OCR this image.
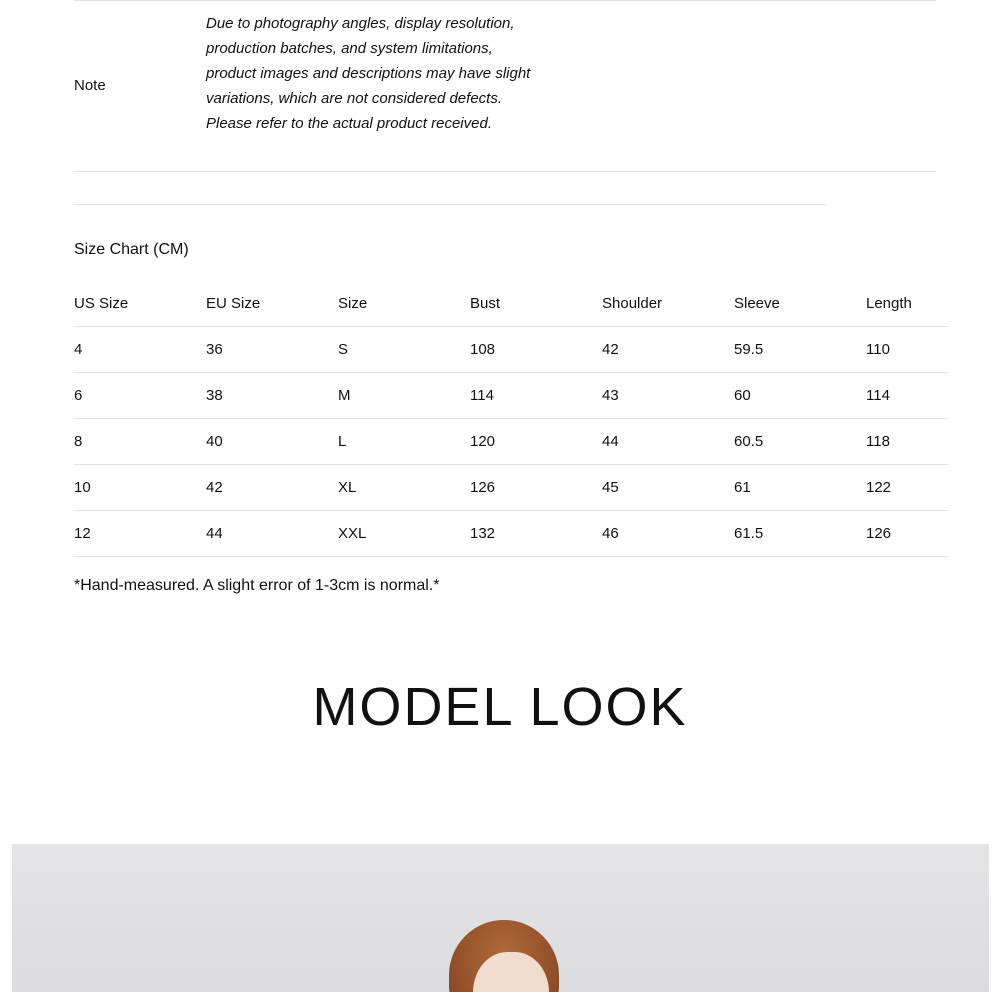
Note
Due to photography angles, display resolution, production batches, and system limitations, product images and descriptions may have slight variations, which are not considered defects. Please refer to the actual product received.
Size Chart (CM)
US Size	EU Size	Size	Bust	Shoulder	Sleeve	Length
4	36	S	108	42	59.5	110
6	38	M	114	43	60	114
8	40	L	120	44	60.5	118
10	42	XL	126	45	61	122
12	44	XXL	132	46	61.5	126
*Hand-measured. A slight error of 1-3cm is normal.*
MODEL LOOK
